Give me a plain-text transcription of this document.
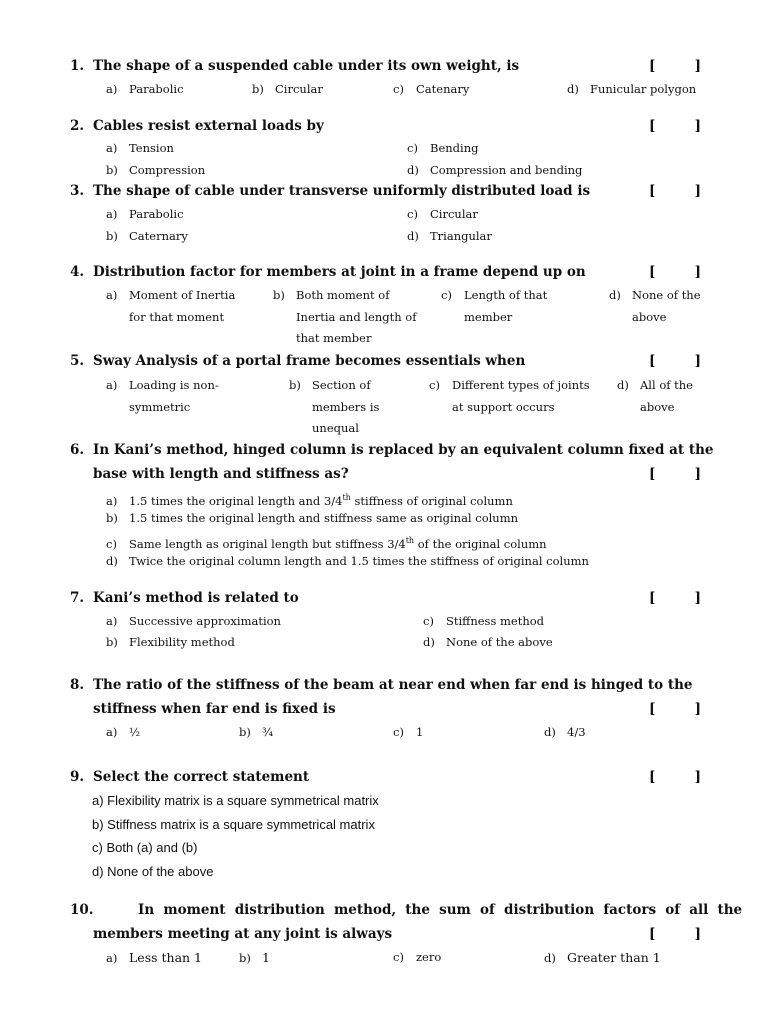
1. The shape of a suspended cable under its own weight, is	[	]
a) Parabolic	b) Circular	c) Catenary	d) Funicular polygon
2. Cables resist external loads by	[	]
a) Tension	c) Bending
b) Compression	d) Compression and bending
3. The shape of cable under transverse uniformly distributed load is	[	]
a) Parabolic	c) Circular
b) Caternary	d) Triangular
4. Distribution factor for members at joint in a frame depend up on	[	]
a) Moment of Inertia
for that moment
b) Both moment of
Inertia and length of
that member
c) Length of that
member
d) None of the
above
5. Sway Analysis of a portal frame becomes essentials when	[	]
a) Loading is non-
symmetric
b) Section of
members is
unequal
c) Different types of joints
at support occurs
d) All of the
above
6. In Kani’s method, hinged column is replaced by an equivalent column fixed at the
base with length and stiffness as?	[	]
a) 1.5 times the original length and 3/4th stiffness of original column
b) 1.5 times the original length and stiffness same as original column
c) Same length as original length but stiffness 3/4th of the original column
d) Twice the original column length and 1.5 times the stiffness of original column
7. Kani’s method is related to	[	]
a) Successive approximation	c) Stiffness method
b) Flexibility method	d) None of the above
8. The ratio of the stiffness of the beam at near end when far end is hinged to the
stiffness when far end is fixed is	[	]
a) ½	b) ¾	c) 1	d) 4/3
9. Select the correct statement	[	]
a) Flexibility matrix is a square symmetrical matrix
b) Stiffness matrix is a square symmetrical matrix
c) Both (a) and (b)
d) None of the above
10.	In moment distribution method, the sum of distribution factors of all the
members meeting at any joint is always	[	]
a) Less than 1	b) 1	c) zero	d) Greater than 1
